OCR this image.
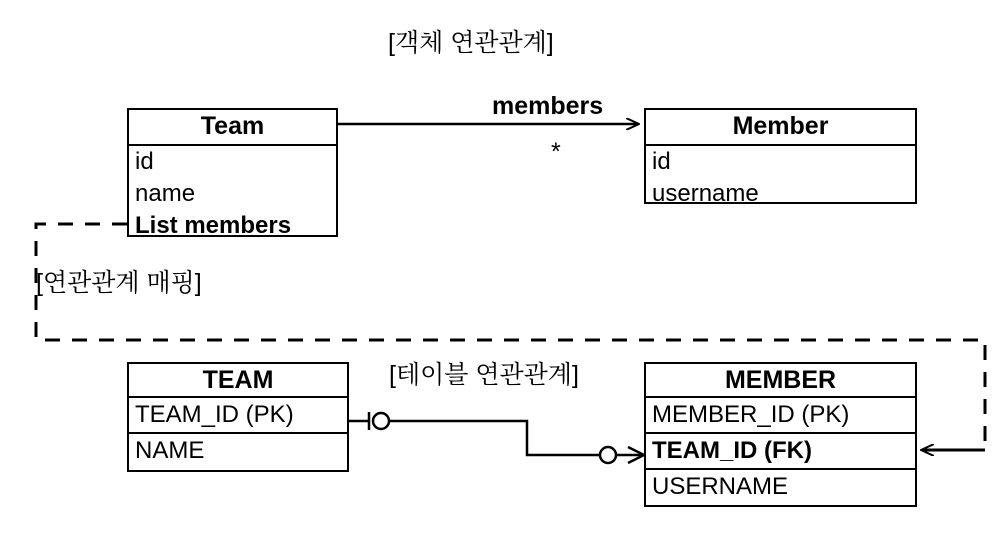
[객체 연관관계]
Team
id
name
List members
Member
id
username
members
*
[연관관계 매핑]
[테이블 연관관계]
TEAM
TEAM_ID (PK)
NAME
MEMBER
MEMBER_ID (PK)
TEAM_ID (FK)
USERNAME
